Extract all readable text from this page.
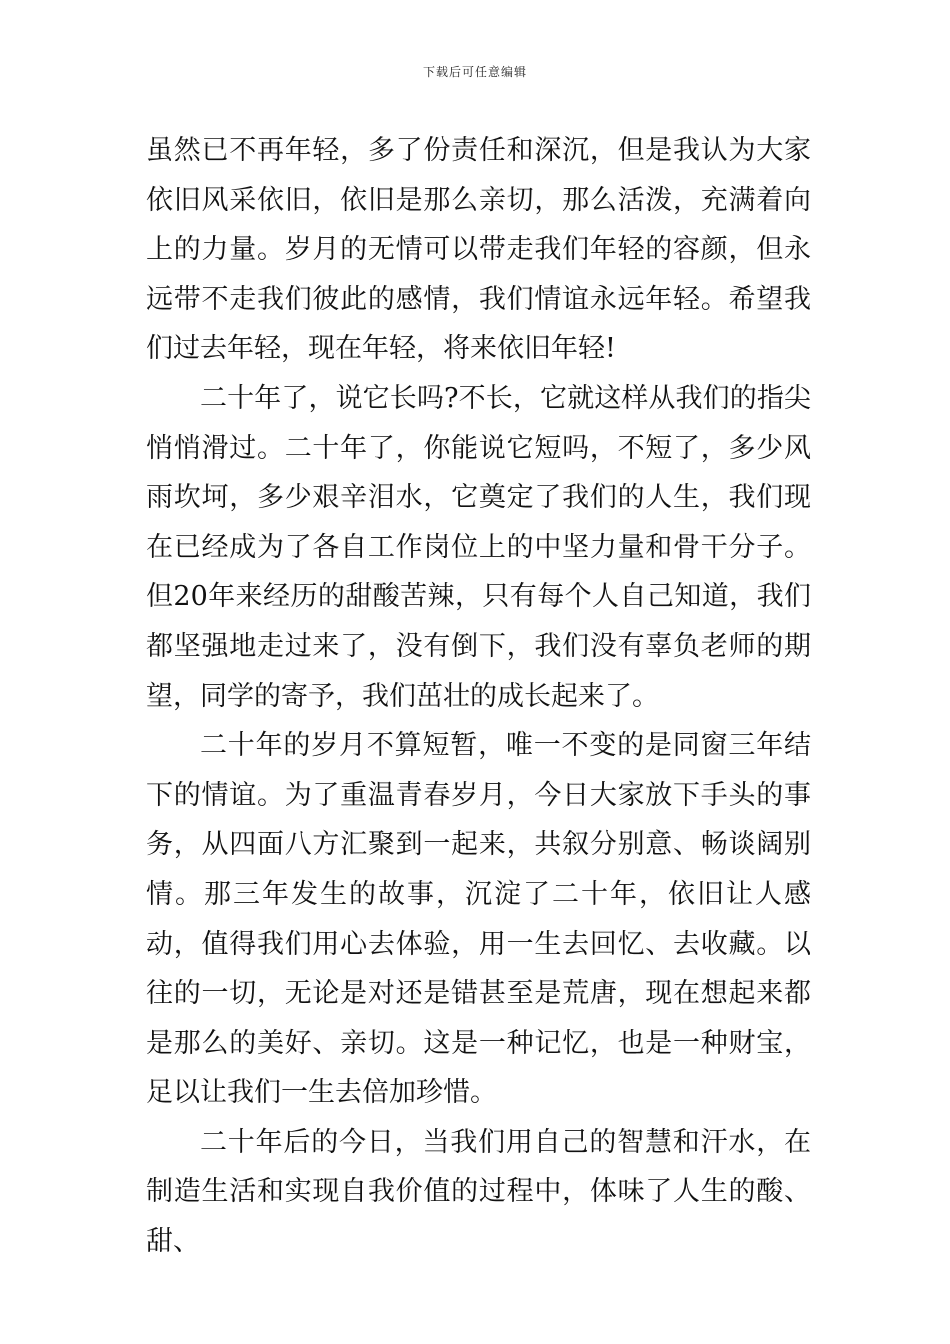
下载后可任意编辑

虽然已不再年轻，多了份责任和深沉，但是我认为大家依旧风采依旧，依旧是那么亲切，那么活泼，充满着向上的力量。岁月的无情可以带走我们年轻的容颜，但永远带不走我们彼此的感情，我们情谊永远年轻。希望我们过去年轻，现在年轻，将来依旧年轻!

二十年了，说它长吗?不长，它就这样从我们的指尖悄悄滑过。二十年了，你能说它短吗，不短了，多少风雨坎坷，多少艰辛泪水，它奠定了我们的人生，我们现在已经成为了各自工作岗位上的中坚力量和骨干分子。但20年来经历的甜酸苦辣，只有每个人自己知道，我们都坚强地走过来了，没有倒下，我们没有辜负老师的期望，同学的寄予，我们茁壮的成长起来了。

二十年的岁月不算短暂，唯一不变的是同窗三年结下的情谊。为了重温青春岁月，今日大家放下手头的事务，从四面八方汇聚到一起来，共叙分别意、畅谈阔别情。那三年发生的故事，沉淀了二十年，依旧让人感动，值得我们用心去体验，用一生去回忆、去收藏。以往的一切，无论是对还是错甚至是荒唐，现在想起来都是那么的美好、亲切。这是一种记忆，也是一种财宝，足以让我们一生去倍加珍惜。

二十年后的今日，当我们用自己的智慧和汗水，在制造生活和实现自我价值的过程中，体味了人生的酸、甜、
